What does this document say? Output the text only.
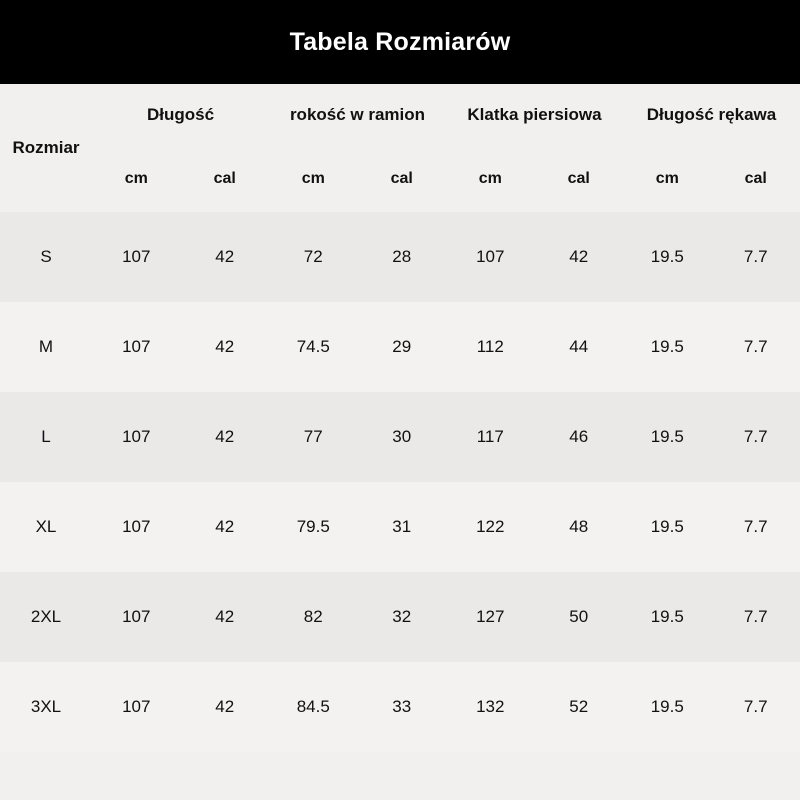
Tabela Rozmiarów
Rozmiar	Długość		rokość w ramion		Klatka piersiowa		Długość rękawa	

	cm	cal	cm	cal	cm	cal	cm	cal
S	107	42	72	28	107	42	19.5	7.7
M	107	42	74.5	29	112	44	19.5	7.7
L	107	42	77	30	117	46	19.5	7.7
XL	107	42	79.5	31	122	48	19.5	7.7
2XL	107	42	82	32	127	50	19.5	7.7
3XL	107	42	84.5	33	132	52	19.5	7.7
